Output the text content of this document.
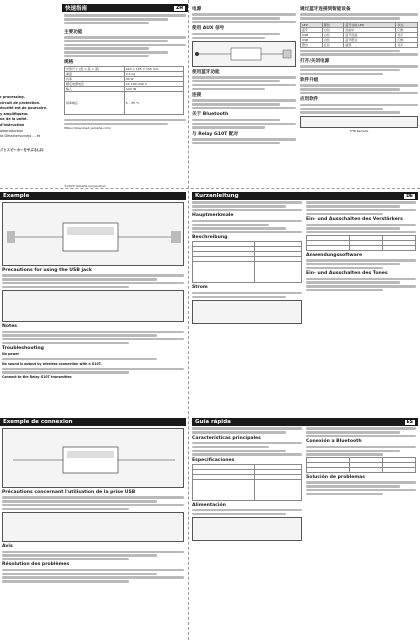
r processing.
circuit de protection.
écurité est de pourcoire.
y amplifiqueur.
ue de la unité.
d'instruction
oleproduction
ta Dessinervicnejo ... et
ジとスピーカーをやぶる(ぶ)
快速指南	ZH
主要功能
规格
外形尺寸 (宽 × 高 × 深)	420 × 195 × 155 mm
重量	4.4 kg
功率	30 W
额定电源电压	AC 100–240 V
输入	AUX IN
频率响应	5 – 35 °C
https://download.yamaha.com/
电源
使用 AUX 信号
使用蓝牙功能
连接
关于 Bluetooth
与 Relay G10T 配对
通过蓝牙连接到智能设备
LED	颜色	蓝牙功能 LED	状态
蓝牙	白色	连接中	闪烁
USB	白色	蓝牙连接	亮灯
USB	白色	蓝牙配对	闪烁
警告	红色	错误	亮灯
打开/关闭电源
软件升级
应用软件
THR Remote
Example
Precautions for using the USB jack
Notes
Troubleshooting
No power
No sound is output by wireless connection with a G10T.
Connect to the Relay G10T transmitter.
Kurzanleitung	DE
Hauptmerkmale
Beschreibung

Strom
Ein- und Ausschalten des Verstärkers

Anwendungssoftware
Ein- und Ausschalten des Tones
Exemple de connexion
Précautions concernant l'utilisation de la prise USB
Avis
Résolution des problèmes
Guía rápida	ES
Características principales
Especificaciones

Alimentación
Conexión a Bluetooth

Solución de problemas
©2020 Yamaha Corporation
